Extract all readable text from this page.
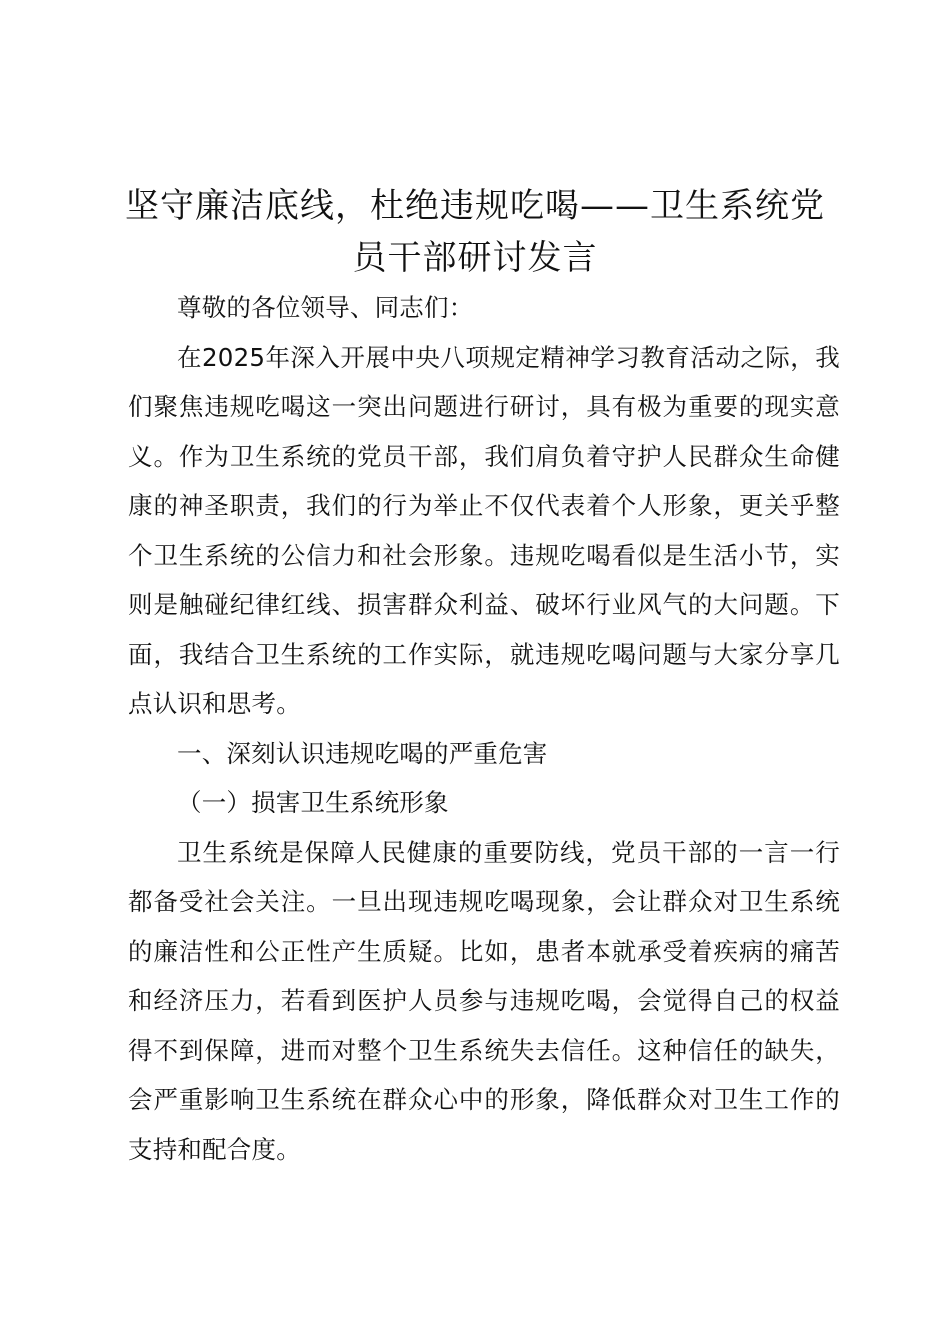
坚守廉洁底线，杜绝违规吃喝——卫生系统党员干部研讨发言

尊敬的各位领导、同志们：

在2025年深入开展中央八项规定精神学习教育活动之际，我们聚焦违规吃喝这一突出问题进行研讨，具有极为重要的现实意义。作为卫生系统的党员干部，我们肩负着守护人民群众生命健康的神圣职责，我们的行为举止不仅代表着个人形象，更关乎整个卫生系统的公信力和社会形象。违规吃喝看似是生活小节，实则是触碰纪律红线、损害群众利益、破坏行业风气的大问题。下面，我结合卫生系统的工作实际，就违规吃喝问题与大家分享几点认识和思考。

一、深刻认识违规吃喝的严重危害

（一）损害卫生系统形象

卫生系统是保障人民健康的重要防线，党员干部的一言一行都备受社会关注。一旦出现违规吃喝现象，会让群众对卫生系统的廉洁性和公正性产生质疑。比如，患者本就承受着疾病的痛苦和经济压力，若看到医护人员参与违规吃喝，会觉得自己的权益得不到保障，进而对整个卫生系统失去信任。这种信任的缺失，会严重影响卫生系统在群众心中的形象，降低群众对卫生工作的支持和配合度。
